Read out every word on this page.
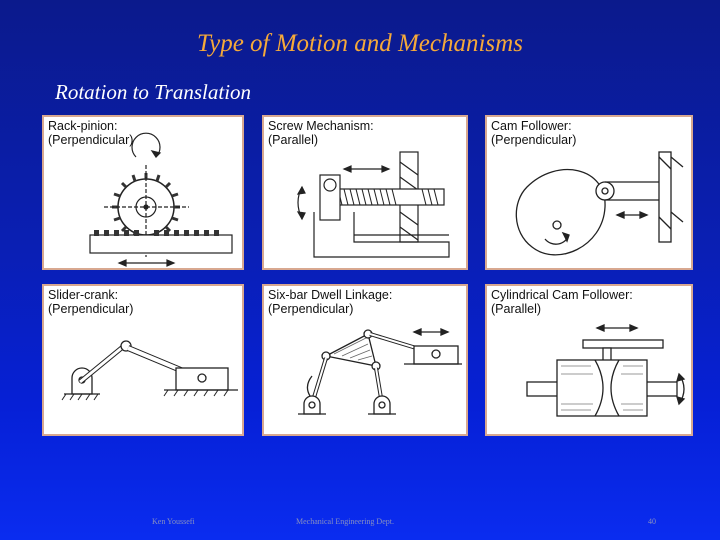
Type of Motion and Mechanisms
Rotation to Translation
Rack-pinion:
(Perpendicular)
Screw Mechanism:
(Parallel)
Cam Follower:
(Perpendicular)
Slider-crank:
(Perpendicular)
Six-bar Dwell Linkage:
(Perpendicular)
Cylindrical Cam Follower:
(Parallel)
Ken Youssefi	Mechanical Engineering Dept.	40
